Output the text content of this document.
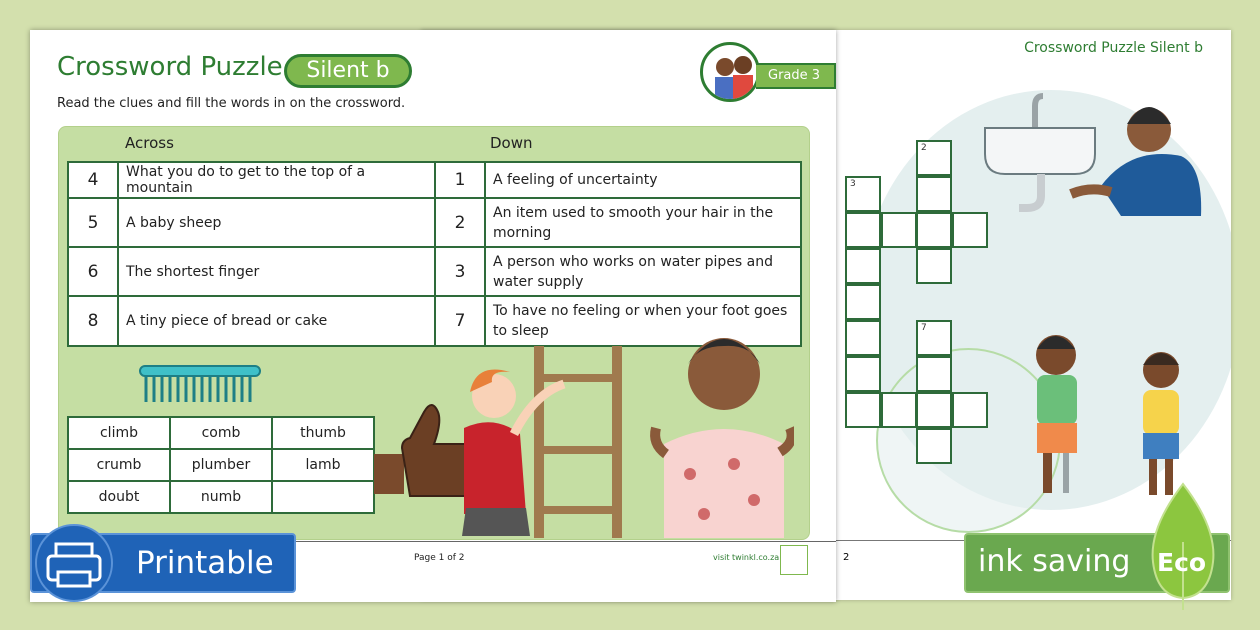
Crossword Puzzle Silent b
2
3
7
2
Crossword Puzzle	Silent b
Read the clues and fill the words in on the crossword.
Grade 3
Across	Down
4	What you do to get to the top of a mountain	1	A feeling of uncertainty
5	A baby sheep	2	An item used to smooth your hair in the morning
6	The shortest finger	3	A person who works on water pipes and water supply
8	A tiny piece of bread or cake	7	To have no feeling or when your foot goes to sleep
climb	comb	thumb
crumb	plumber	lamb
doubt	numb	
Page 1 of 2	visit twinkl.co.za
Printable	ink saving Eco
